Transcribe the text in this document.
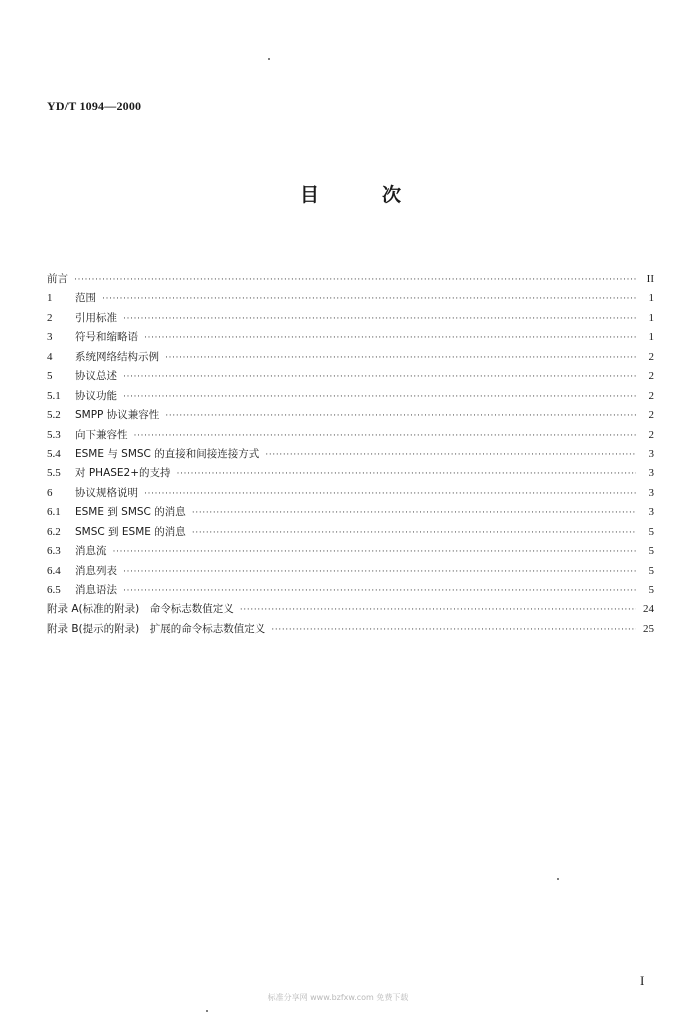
YD/T 1094—2000
目	次
前言 ·····	II
1	范围 ·····	1
2	引用标准 ·····	1
3	符号和缩略语 ·····	1
4	系统网络结构示例 ·····	2
5	协议总述 ·····	2
5.1	协议功能 ·····	2
5.2	SMPP 协议兼容性 ·····	2
5.3	向下兼容性 ·····	2
5.4	ESME 与 SMSC 的直接和间接连接方式 ·····	3
5.5	对 PHASE2+的支持 ·····	3
6	协议规格说明 ·····	3
6.1	ESME 到 SMSC 的消息 ·····	3
6.2	SMSC 到 ESME 的消息 ·····	5
6.3	消息流 ·····	5
6.4	消息列表 ·····	5
6.5	消息语法 ·····	5
附录 A(标准的附录)　命令标志数值定义 ·····	24
附录 B(提示的附录)　扩展的命令标志数值定义 ·····	25
I
标准分享网 www.bzfxw.com 免费下载
